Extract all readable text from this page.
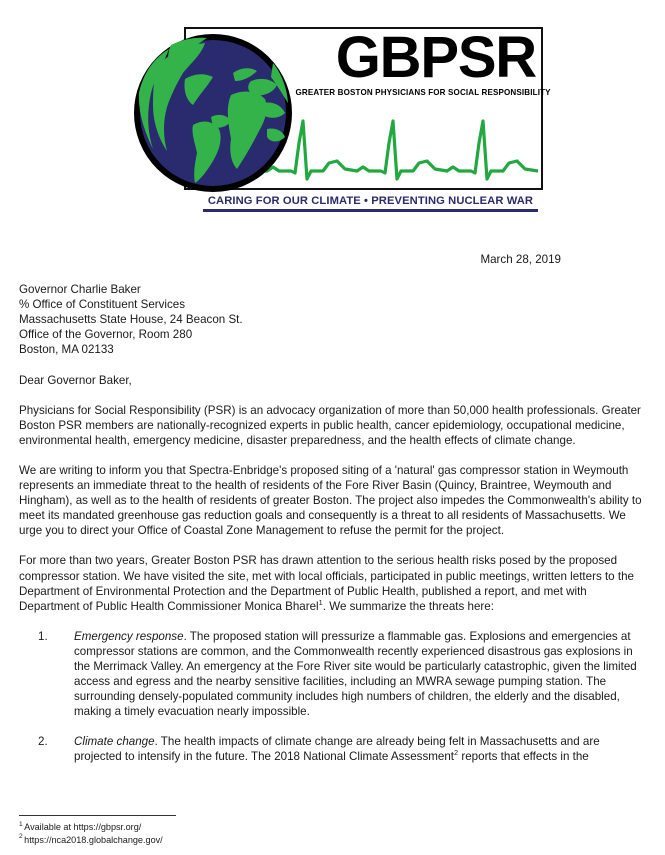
GBPSR
GREATER BOSTON PHYSICIANS FOR SOCIAL RESPONSIBILITY
CARING FOR OUR CLIMATE • PREVENTING NUCLEAR WAR
March 28, 2019
Governor Charlie Baker
% Office of Constituent Services
Massachusetts State House, 24 Beacon St.
Office of the Governor, Room 280
Boston, MA 02133
Dear Governor Baker,

Physicians for Social Responsibility (PSR) is an advocacy organization of more than 50,000 health professionals. Greater Boston PSR members are nationally-recognized experts in public health, cancer epidemiology, occupational medicine, environmental health, emergency medicine, disaster preparedness, and the health effects of climate change.

We are writing to inform you that Spectra-Enbridge's proposed siting of a 'natural' gas compressor station in Weymouth represents an immediate threat to the health of residents of the Fore River Basin (Quincy, Braintree, Weymouth and Hingham), as well as to the health of residents of greater Boston. The project also impedes the Commonwealth's ability to meet its mandated greenhouse gas reduction goals and consequently is a threat to all residents of Massachusetts. We urge you to direct your Office of Coastal Zone Management to refuse the permit for the project.

For more than two years, Greater Boston PSR has drawn attention to the serious health risks posed by the proposed compressor station. We have visited the site, met with local officials, participated in public meetings, written letters to the Department of Environmental Protection and the Department of Public Health, published a report, and met with Department of Public Health Commissioner Monica Bharel$^1$. We summarize the threats here:

Emergency response. The proposed station will pressurize a flammable gas. Explosions and emergencies at compressor stations are common, and the Commonwealth recently experienced disastrous gas explosions in the Merrimack Valley. An emergency at the Fore River site would be particularly catastrophic, given the limited access and egress and the nearby sensitive facilities, including an MWRA sewage pumping station. The surrounding densely-populated community includes high numbers of children, the elderly and the disabled, making a timely evacuation nearly impossible.
Climate change. The health impacts of climate change are already being felt in Massachusetts and are projected to intensify in the future. The 2018 National Climate Assessment$^2$ reports that effects in the
$^1$ Available at https://gbpsr.org/
$^2$ https://nca2018.globalchange.gov/
